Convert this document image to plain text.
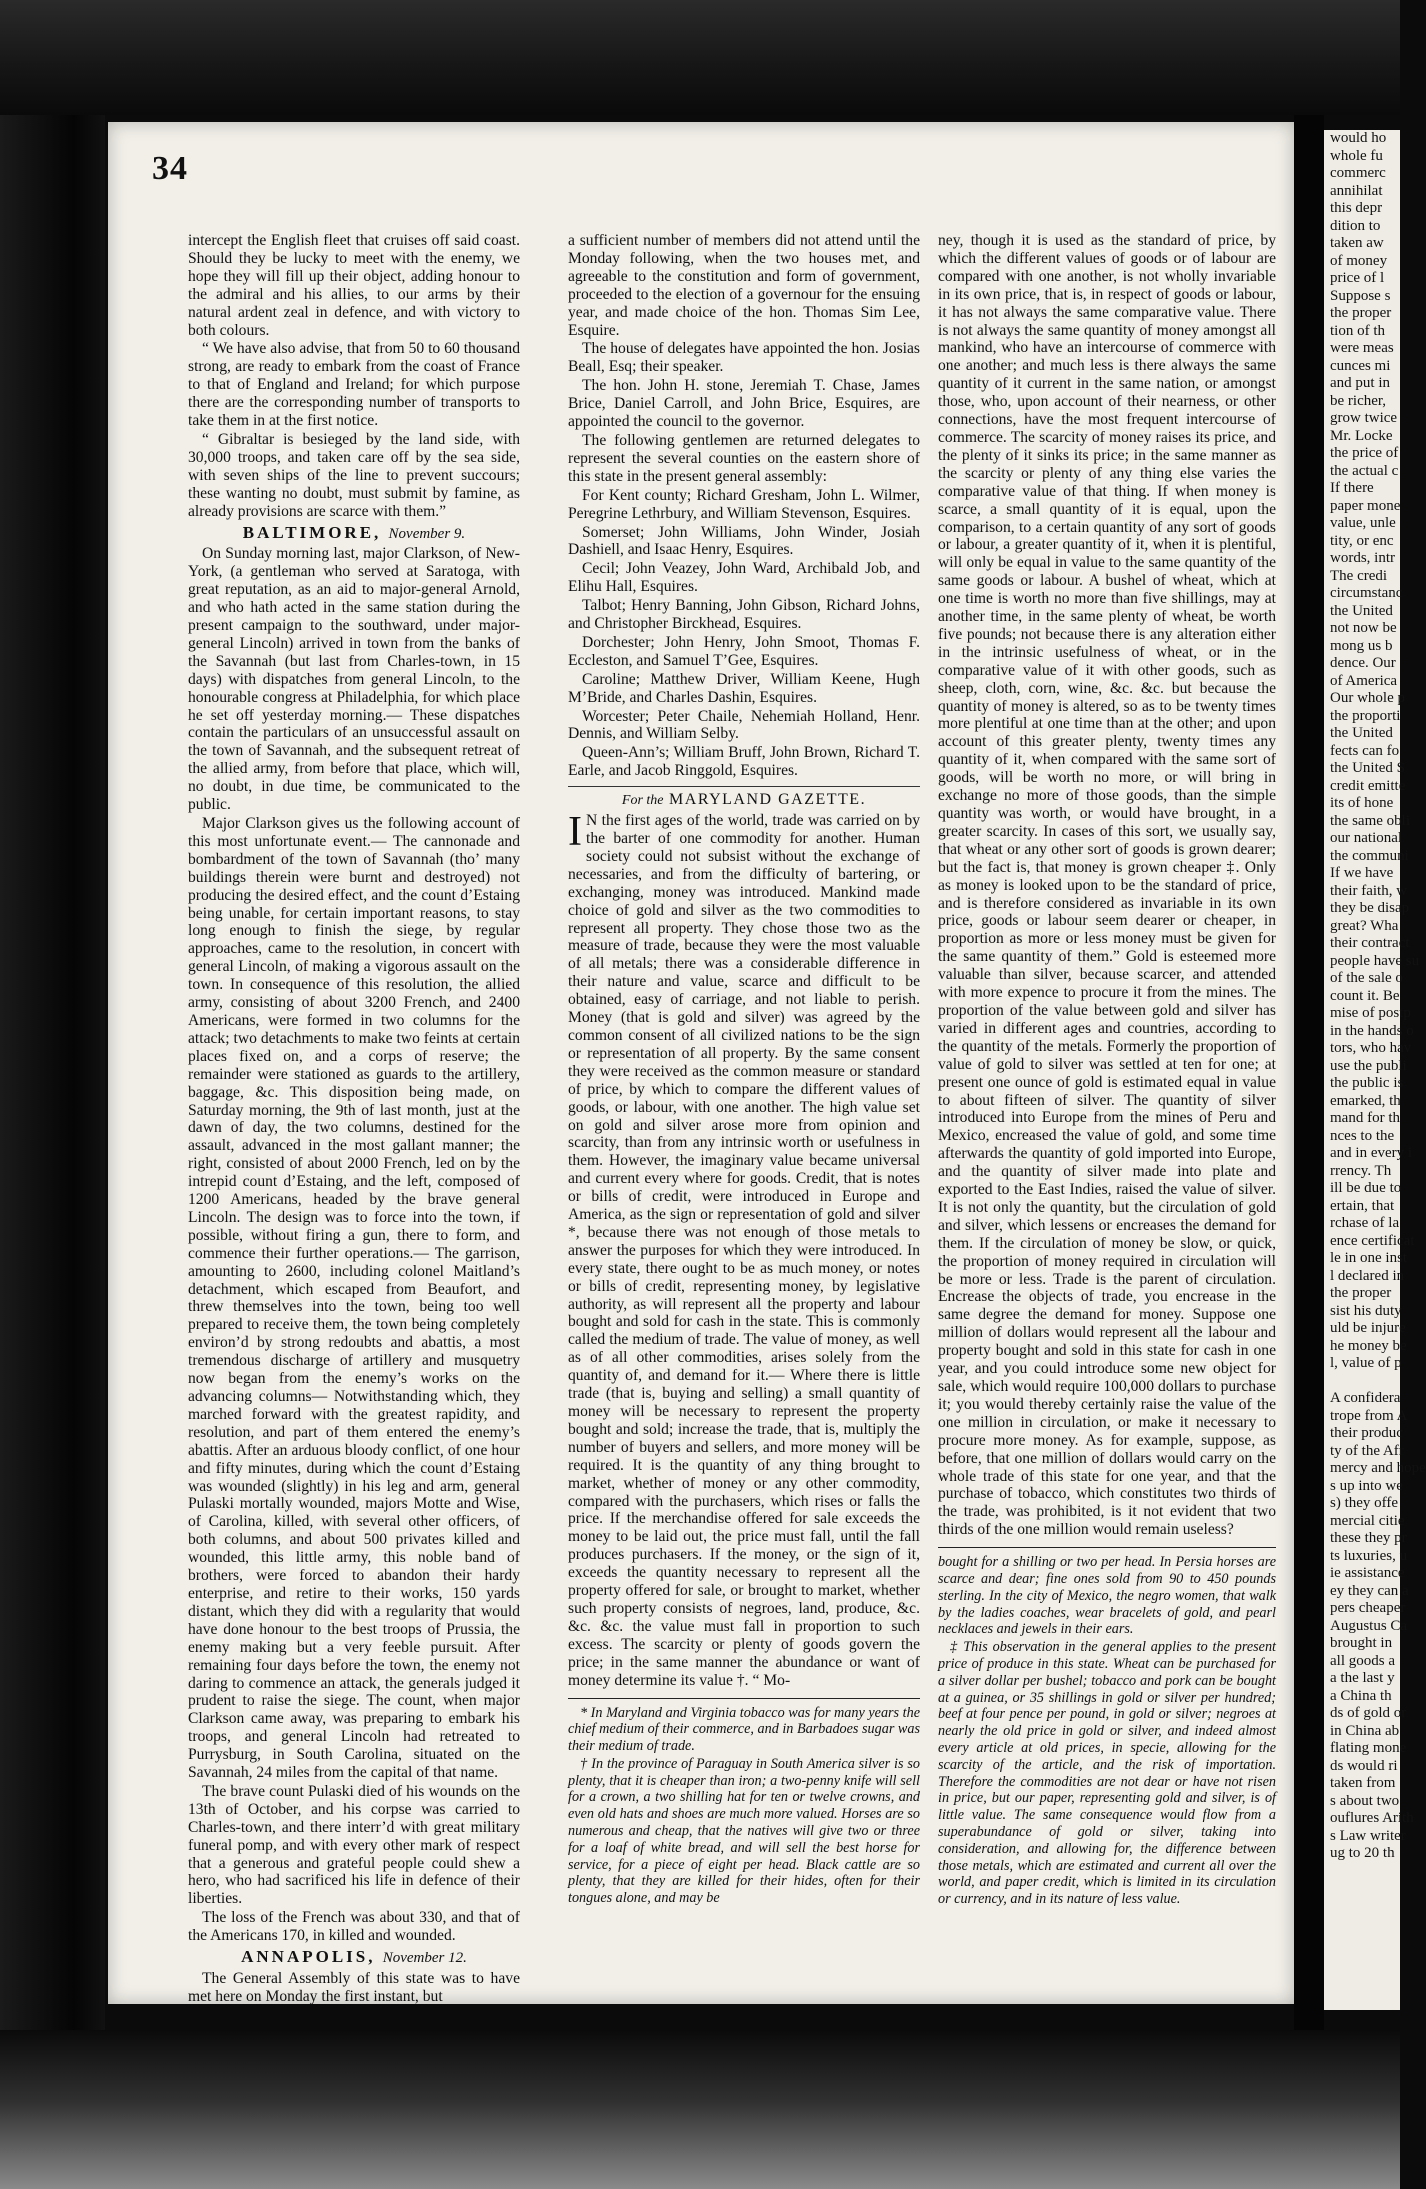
34

intercept the English fleet that cruises off said coast. Should they be lucky to meet with the enemy, we hope they will fill up their object, adding honour to the admiral and his allies, to our arms by their natural ardent zeal in defence, and with victory to both colours.

“ We have also advise, that from 50 to 60 thousand strong, are ready to embark from the coast of France to that of England and Ireland; for which purpose there are the corresponding number of transports to take them in at the first notice.

“ Gibraltar is besieged by the land side, with 30,000 troops, and taken care off by the sea side, with seven ships of the line to prevent succours; these wanting no doubt, must submit by famine, as already provisions are scarce with them.”

BALTIMORE, November 9.

On Sunday morning last, major Clarkson, of New-York, (a gentleman who served at Saratoga, with great reputation, as an aid to major-general Arnold, and who hath acted in the same station during the present campaign to the southward, under major-general Lincoln) arrived in town from the banks of the Savannah (but last from Charles-town, in 15 days) with dispatches from general Lincoln, to the honourable congress at Philadelphia, for which place he set off yesterday morning.— These dispatches contain the particulars of an unsuccessful assault on the town of Savannah, and the subsequent retreat of the allied army, from before that place, which will, no doubt, in due time, be communicated to the public.

Major Clarkson gives us the following account of this most unfortunate event.— The cannonade and bombardment of the town of Savannah (tho’ many buildings therein were burnt and destroyed) not producing the desired effect, and the count d’Estaing being unable, for certain important reasons, to stay long enough to finish the siege, by regular approaches, came to the resolution, in concert with general Lincoln, of making a vigorous assault on the town. In consequence of this resolution, the allied army, consisting of about 3200 French, and 2400 Americans, were formed in two columns for the attack; two detachments to make two feints at certain places fixed on, and a corps of reserve; the remainder were stationed as guards to the artillery, baggage, &c. This disposition being made, on Saturday morning, the 9th of last month, just at the dawn of day, the two columns, destined for the assault, advanced in the most gallant manner; the right, consisted of about 2000 French, led on by the intrepid count d’Estaing, and the left, composed of 1200 Americans, headed by the brave general Lincoln. The design was to force into the town, if possible, without firing a gun, there to form, and commence their further operations.— The garrison, amounting to 2600, including colonel Maitland’s detachment, which escaped from Beaufort, and threw themselves into the town, being too well prepared to receive them, the town being completely environ’d by strong redoubts and abattis, a most tremendous discharge of artillery and musquetry now began from the enemy’s works on the advancing columns— Notwithstanding which, they marched forward with the greatest rapidity, and resolution, and part of them entered the enemy’s abattis. After an arduous bloody conflict, of one hour and fifty minutes, during which the count d’Estaing was wounded (slightly) in his leg and arm, general Pulaski mortally wounded, majors Motte and Wise, of Carolina, killed, with several other officers, of both columns, and about 500 privates killed and wounded, this little army, this noble band of brothers, were forced to abandon their hardy enterprise, and retire to their works, 150 yards distant, which they did with a regularity that would have done honour to the best troops of Prussia, the enemy making but a very feeble pursuit. After remaining four days before the town, the enemy not daring to commence an attack, the generals judged it prudent to raise the siege. The count, when major Clarkson came away, was preparing to embark his troops, and general Lincoln had retreated to Purrysburg, in South Carolina, situated on the Savannah, 24 miles from the capital of that name.

The brave count Pulaski died of his wounds on the 13th of October, and his corpse was carried to Charles-town, and there interr’d with great military funeral pomp, and with every other mark of respect that a generous and grateful people could shew a hero, who had sacrificed his life in defence of their liberties.

The loss of the French was about 330, and that of the Americans 170, in killed and wounded.

ANNAPOLIS, November 12.

The General Assembly of this state was to have met here on Monday the first instant, but

a sufficient number of members did not attend until the Monday following, when the two houses met, and agreeable to the constitution and form of government, proceeded to the election of a governour for the ensuing year, and made choice of the hon. Thomas Sim Lee, Esquire.

The house of delegates have appointed the hon. Josias Beall, Esq; their speaker.

The hon. John H. stone, Jeremiah T. Chase, James Brice, Daniel Carroll, and John Brice, Esquires, are appointed the council to the governor.

The following gentlemen are returned delegates to represent the several counties on the eastern shore of this state in the present general assembly:

For Kent county; Richard Gresham, John L. Wilmer, Peregrine Lethrbury, and William Stevenson, Esquires.

Somerset; John Williams, John Winder, Josiah Dashiell, and Isaac Henry, Esquires.

Cecil; John Veazey, John Ward, Archibald Job, and Elihu Hall, Esquires.

Talbot; Henry Banning, John Gibson, Richard Johns, and Christopher Birckhead, Esquires.

Dorchester; John Henry, John Smoot, Thomas F. Eccleston, and Samuel T’Gee, Esquires.

Caroline; Matthew Driver, William Keene, Hugh M’Bride, and Charles Dashin, Esquires.

Worcester; Peter Chaile, Nehemiah Holland, Henr. Dennis, and William Selby.

Queen-Ann’s; William Bruff, John Brown, Richard T. Earle, and Jacob Ringgold, Esquires.

For the MARYLAND GAZETTE.

I N the first ages of the world, trade was carried on by the barter of one commodity for another. Human society could not subsist without the exchange of necessaries, and from the difficulty of bartering, or exchanging, money was introduced. Mankind made choice of gold and silver as the two commodities to represent all property. They chose those two as the measure of trade, because they were the most valuable of all metals; there was a considerable difference in their nature and value, scarce and difficult to be obtained, easy of carriage, and not liable to perish. Money (that is gold and silver) was agreed by the common consent of all civilized nations to be the sign or representation of all property. By the same consent they were received as the common measure or standard of price, by which to compare the different values of goods, or labour, with one another. The high value set on gold and silver arose more from opinion and scarcity, than from any intrinsic worth or usefulness in them. However, the imaginary value became universal and current every where for goods. Credit, that is notes or bills of credit, were introduced in Europe and America, as the sign or representation of gold and silver *, because there was not enough of those metals to answer the purposes for which they were introduced. In every state, there ought to be as much money, or notes or bills of credit, representing money, by legislative authority, as will represent all the property and labour bought and sold for cash in the state. This is commonly called the medium of trade. The value of money, as well as of all other commodities, arises solely from the quantity of, and demand for it.— Where there is little trade (that is, buying and selling) a small quantity of money will be necessary to represent the property bought and sold; increase the trade, that is, multiply the number of buyers and sellers, and more money will be required. It is the quantity of any thing brought to market, whether of money or any other commodity, compared with the purchasers, which rises or falls the price. If the merchandise offered for sale exceeds the money to be laid out, the price must fall, until the fall produces purchasers. If the money, or the sign of it, exceeds the quantity necessary to represent all the property offered for sale, or brought to market, whether such property consists of negroes, land, produce, &c. &c. &c. the value must fall in proportion to such excess. The scarcity or plenty of goods govern the price; in the same manner the abundance or want of money determine its value †. “ Mo-

* In Maryland and Virginia tobacco was for many years the chief medium of their commerce, and in Barbadoes sugar was their medium of trade.

† In the province of Paraguay in South America silver is so plenty, that it is cheaper than iron; a two-penny knife will sell for a crown, a two shilling hat for ten or twelve crowns, and even old hats and shoes are much more valued. Horses are so numerous and cheap, that the natives will give two or three for a loaf of white bread, and will sell the best horse for service, for a piece of eight per head. Black cattle are so plenty, that they are killed for their hides, often for their tongues alone, and may be

ney, though it is used as the standard of price, by which the different values of goods or of labour are compared with one another, is not wholly invariable in its own price, that is, in respect of goods or labour, it has not always the same comparative value. There is not always the same quantity of money amongst all mankind, who have an intercourse of commerce with one another; and much less is there always the same quantity of it current in the same nation, or amongst those, who, upon account of their nearness, or other connections, have the most frequent intercourse of commerce. The scarcity of money raises its price, and the plenty of it sinks its price; in the same manner as the scarcity or plenty of any thing else varies the comparative value of that thing. If when money is scarce, a small quantity of it is equal, upon the comparison, to a certain quantity of any sort of goods or labour, a greater quantity of it, when it is plentiful, will only be equal in value to the same quantity of the same goods or labour. A bushel of wheat, which at one time is worth no more than five shillings, may at another time, in the same plenty of wheat, be worth five pounds; not because there is any alteration either in the intrinsic usefulness of wheat, or in the comparative value of it with other goods, such as sheep, cloth, corn, wine, &c. &c. but because the quantity of money is altered, so as to be twenty times more plentiful at one time than at the other; and upon account of this greater plenty, twenty times any quantity of it, when compared with the same sort of goods, will be worth no more, or will bring in exchange no more of those goods, than the simple quantity was worth, or would have brought, in a greater scarcity. In cases of this sort, we usually say, that wheat or any other sort of goods is grown dearer; but the fact is, that money is grown cheaper ‡. Only as money is looked upon to be the standard of price, and is therefore considered as invariable in its own price, goods or labour seem dearer or cheaper, in proportion as more or less money must be given for the same quantity of them.” Gold is esteemed more valuable than silver, because scarcer, and attended with more expence to procure it from the mines. The proportion of the value between gold and silver has varied in different ages and countries, according to the quantity of the metals. Formerly the proportion of value of gold to silver was settled at ten for one; at present one ounce of gold is estimated equal in value to about fifteen of silver. The quantity of silver introduced into Europe from the mines of Peru and Mexico, encreased the value of gold, and some time afterwards the quantity of gold imported into Europe, and the quantity of silver made into plate and exported to the East Indies, raised the value of silver. It is not only the quantity, but the circulation of gold and silver, which lessens or encreases the demand for them. If the circulation of money be slow, or quick, the proportion of money required in circulation will be more or less. Trade is the parent of circulation. Encrease the objects of trade, you encrease in the same degree the demand for money. Suppose one million of dollars would represent all the labour and property bought and sold in this state for cash in one year, and you could introduce some new object for sale, which would require 100,000 dollars to purchase it; you would thereby certainly raise the value of the one million in circulation, or make it necessary to procure more money. As for example, suppose, as before, that one million of dollars would carry on the whole trade of this state for one year, and that the purchase of tobacco, which constitutes two thirds of the trade, was prohibited, is it not evident that two thirds of the one million would remain useless?

bought for a shilling or two per head. In Persia horses are scarce and dear; fine ones sold from 90 to 450 pounds sterling. In the city of Mexico, the negro women, that walk by the ladies coaches, wear bracelets of gold, and pearl necklaces and jewels in their ears.

‡ This observation in the general applies to the present price of produce in this state. Wheat can be purchased for a silver dollar per bushel; tobacco and pork can be bought at a guinea, or 35 shillings in gold or silver per hundred; beef at four pence per pound, in gold or silver; negroes at nearly the old price in gold or silver, and indeed almost every article at old prices, in specie, allowing for the scarcity of the article, and the risk of importation. Therefore the commodities are not dear or have not risen in price, but our paper, representing gold and silver, is of little value. The same consequence would flow from a superabundance of gold or silver, taking into consideration, and allowing for, the difference between those metals, which are estimated and current all over the world, and paper credit, which is limited in its circulation or currency, and in its nature of less value.

would ho
whole fu
commerc
annihilat
this depr
dition to
taken aw
of money
price of l
Suppose s
the proper
tion of th
were meas
cunces mi
and put in
be richer,
grow twice
Mr. Locke
the price of
the actual c
If there
paper mone
value, unle
tity, or enc
words, intr
The credi
circumstanc
the United
not now be
mong us b
dence. Our
of America
Our whole p
the proporti
the United
fects can fo
the United S
credit emitte
its of hone
the same obli
our national
the communi
If we have
their faith, w
they be disap
great? Wha
their contract
people have su
of the sale o
count it. Be
mise of postp
in the hands o
tors, who hav
use the publi
the public is
emarked, th
mand for th
nces to the
and in every i
rrency. Th
ill be due to
ertain, that
rchase of la
ence certificat
le in one inst
l declared in
the proper
sist his duty
uld be injure
he money be
l, value of p

A confidera
trope from A
their produc
ty of the Afr
mercy and hope
s up into we
s) they offe
mercial citie
these they pr
ts luxuries, u
ie assistance
ey they can a
pers cheaper
Augustus Ca
brought in
all goods a
a the last y
a China th
ds of gold or
in China ab
flating mone
ds would ri
taken from
s about two
ouflures Arith
s Law writer
ug to 20 th
